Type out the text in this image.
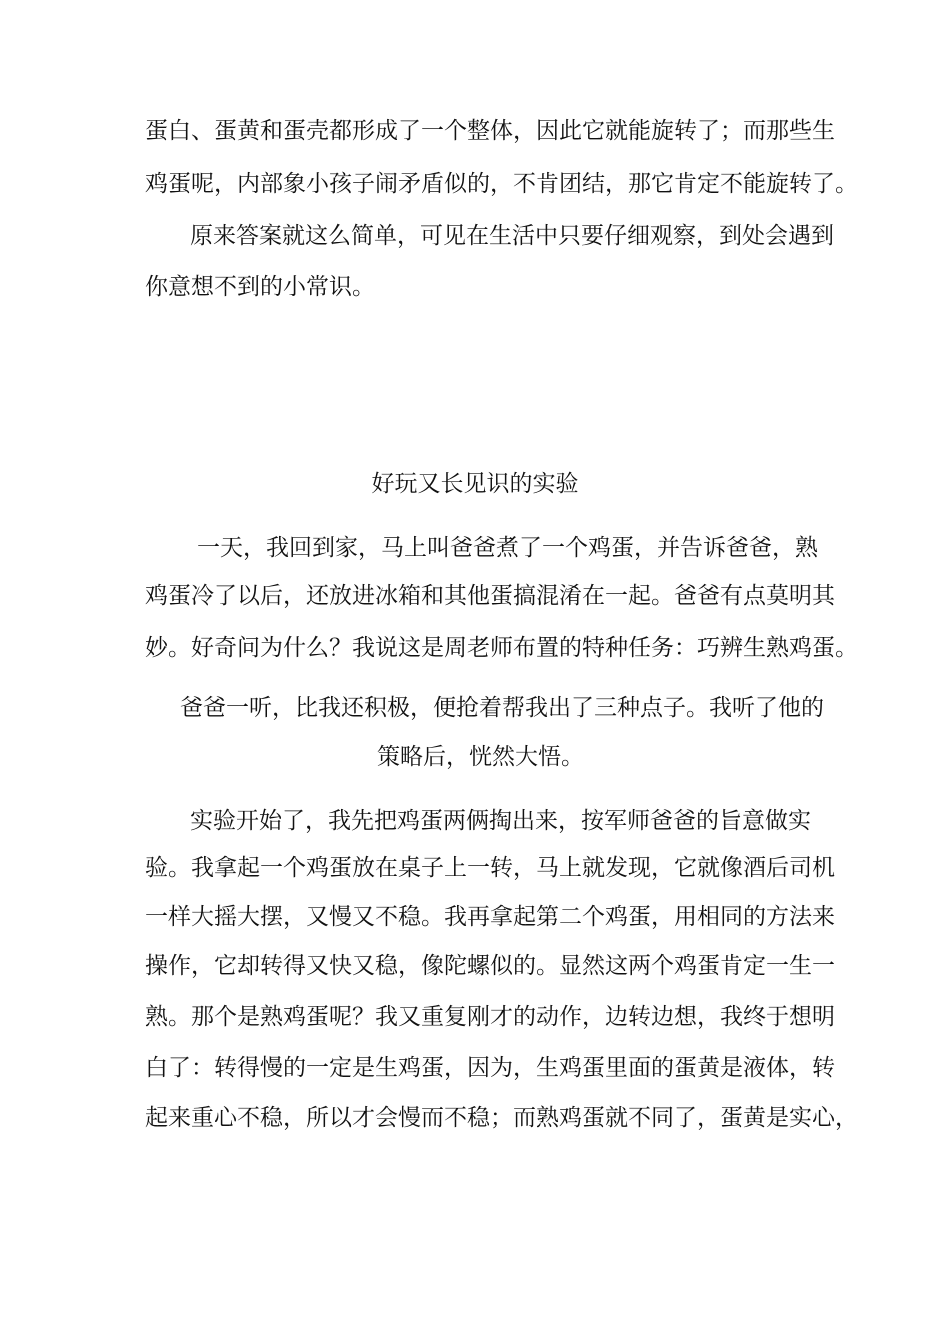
蛋白、蛋黄和蛋壳都形成了一个整体，因此它就能旋转了；而那些生
鸡蛋呢，内部象小孩子闹矛盾似的，不肯团结，那它肯定不能旋转了。
原来答案就这么简单，可见在生活中只要仔细观察，到处会遇到
你意想不到的小常识。
好玩又长见识的实验
一天，我回到家，马上叫爸爸煮了一个鸡蛋，并告诉爸爸，熟
鸡蛋冷了以后，还放进冰箱和其他蛋搞混淆在一起。爸爸有点莫明其
妙。好奇问为什么？我说这是周老师布置的特种任务：巧辨生熟鸡蛋。
爸爸一听，比我还积极，便抢着帮我出了三种点子。我听了他的
策略后，恍然大悟。
实验开始了，我先把鸡蛋两俩掏出来，按军师爸爸的旨意做实
验。我拿起一个鸡蛋放在桌子上一转，马上就发现，它就像酒后司机
一样大摇大摆，又慢又不稳。我再拿起第二个鸡蛋，用相同的方法来
操作，它却转得又快又稳，像陀螺似的。显然这两个鸡蛋肯定一生一
熟。那个是熟鸡蛋呢？我又重复刚才的动作，边转边想，我终于想明
白了：转得慢的一定是生鸡蛋，因为，生鸡蛋里面的蛋黄是液体，转
起来重心不稳，所以才会慢而不稳；而熟鸡蛋就不同了，蛋黄是实心，
